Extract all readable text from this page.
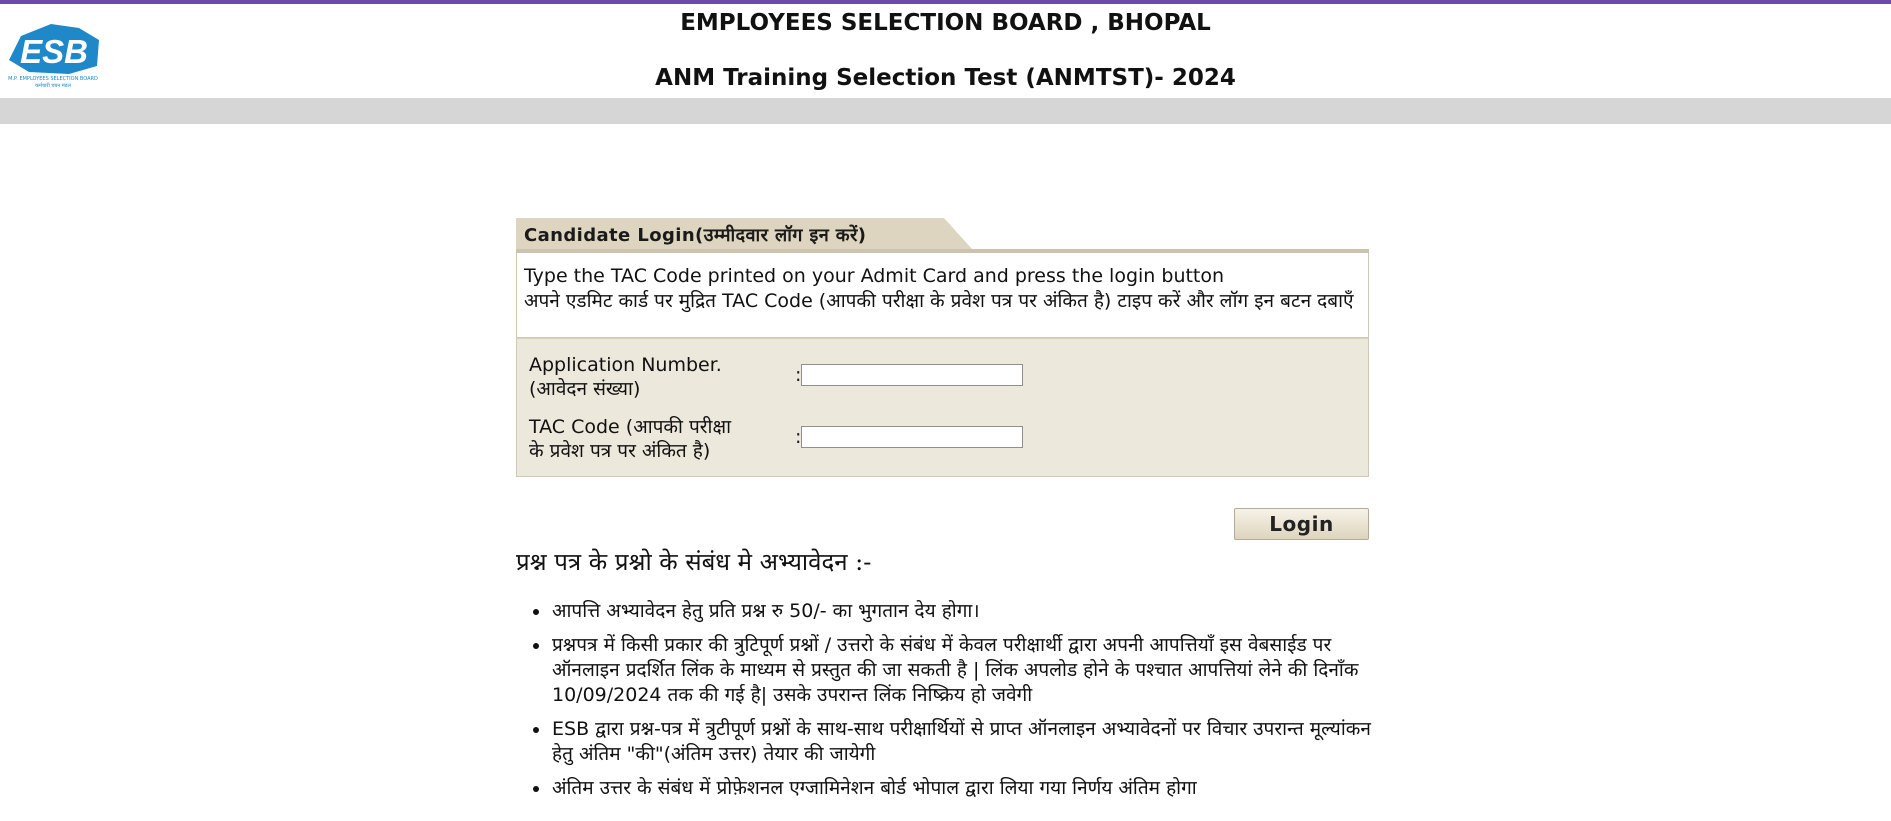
ESB
M.P. EMPLOYEES SELECTION BOARD
कर्मचारी चयन मंडल
EMPLOYEES SELECTION BOARD , BHOPAL
ANM Training Selection Test (ANMTST)- 2024
Candidate Login(उम्मीदवार लॉग इन करें)
Type the TAC Code printed on your Admit Card and press the login button
अपने एडमिट कार्ड पर मुद्रित TAC Code (आपकी परीक्षा के प्रवेश पत्र पर अंकित है) टाइप करें और लॉग इन बटन दबाएँ
Application Number.
(आवेदन संख्या)
:
TAC Code (आपकी परीक्षा
के प्रवेश पत्र पर अंकित है)
:
Login
प्रश्न पत्र के प्रश्नो के संबंध मे अभ्यावेदन :-
आपत्ति अभ्यावेदन हेतु प्रति प्रश्न रु 50/- का भुगतान देय होगा।
प्रश्नपत्र में किसी प्रकार की त्रुटिपूर्ण प्रश्नों / उत्तरो के संबंध में केवल परीक्षार्थी द्वारा अपनी आपत्तियाँ इस वेबसाईड पर ऑनलाइन प्रदर्शित लिंक के माध्यम से प्रस्तुत की जा सकती है | लिंक अपलोड होने के पश्चात आपत्तियां लेने की दिनाँक 10/09/2024 तक की गई है| उसके उपरान्त लिंक निष्क्रिय हो जवेगी
ESB द्वारा प्रश्न-पत्र में त्रुटीपूर्ण प्रश्नों के साथ-साथ परीक्षार्थियों से प्राप्त ऑनलाइन अभ्यावेदनों पर विचार उपरान्त मूल्यांकन हेतु अंतिम "की"(अंतिम उत्तर) तेयार की जायेगी
अंतिम उत्तर के संबंध में प्रोफ़ेशनल एग्जामिनेशन बोर्ड भोपाल द्वारा लिया गया निर्णय अंतिम होगा
